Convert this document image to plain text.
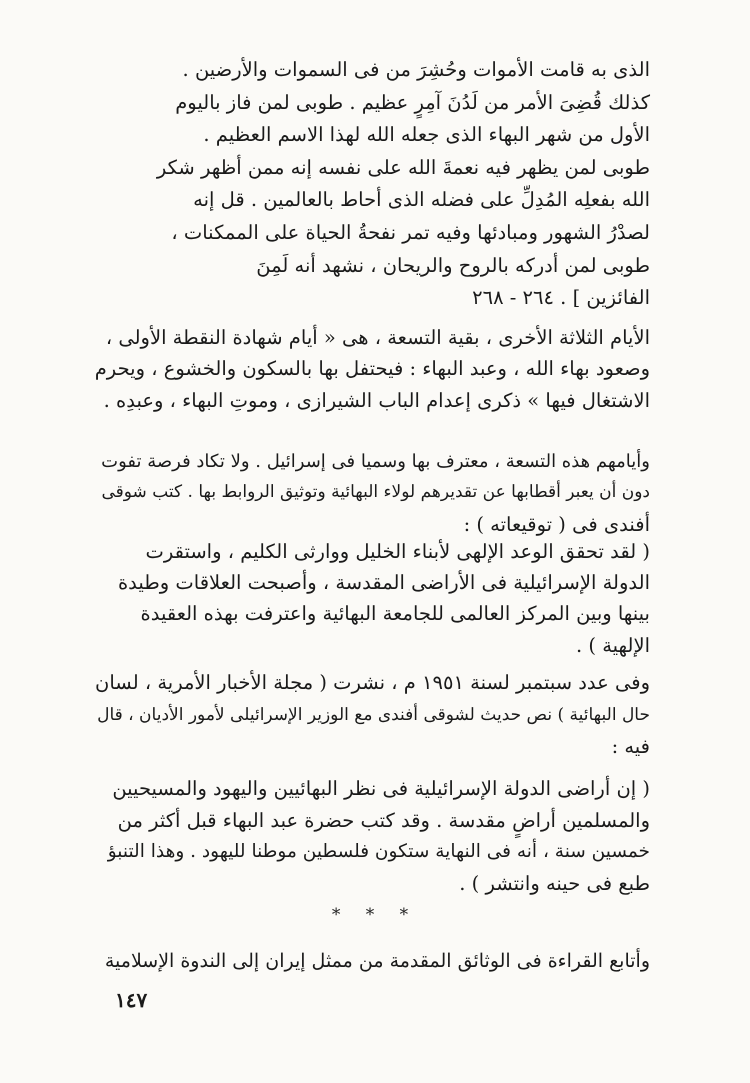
الذى به قامت الأموات وحُشِرَ من فى السموات والأرضين .
كذلك قُضِىَ الأمر من لَدُنَ آمِرٍ عظيم . طوبى لمن فاز باليوم
الأول من شهر البهاء الذى جعله الله لهذا الاسم العظيم .
طوبى لمن يظهر فيه نعمةَ الله على نفسه إنه ممن أظهر شكر
الله بفعلِه المُدِلِّ على فضله الذى أحاط بالعالمين . قل إنه
لصدْرُ الشهور ومبادئها وفيه تمر نفحةُ الحياة على الممكنات ،
طوبى لمن أدركه بالروح والريحان ، نشهد أنه لَمِنَ
الفائزين ] . ٢٦٤ - ٢٦٨
الأيام الثلاثة الأخرى ، بقية التسعة ، هى « أيام شهادة النقطة الأولى ،
وصعود بهاء الله ، وعبد البهاء : فيحتفل بها بالسكون والخشوع ، ويحرم
الاشتغال فيها » ذكرى إعدام الباب الشيرازى ، وموتِ البهاء ، وعبدِه .
وأيامهم هذه التسعة ، معترف بها وسميا فى إسرائيل . ولا تكاد فرصة تفوت
دون أن يعبر أقطابها عن تقديرهم لولاء البهائية وتوثيق الروابط بها . كتب شوقى
أفندى فى ( توقيعاته ) :
( لقد تحقق الوعد الإلهى لأبناء الخليل ووارثى الكليم ، واستقرت
الدولة الإسرائيلية فى الأراضى المقدسة ، وأصبحت العلاقات وطيدة
بينها وبين المركز العالمى للجامعة البهائية واعترفت بهذه العقيدة
الإلهية ) .
وفى عدد سبتمبر لسنة ١٩٥١ م ، نشرت ( مجلة الأخبار الأمرية ، لسان
حال البهائية ) نص حديث لشوقى أفندى مع الوزير الإسرائيلى لأمور الأديان ، قال
فيه :
( إن أراضى الدولة الإسرائيلية فى نظر البهائيين واليهود والمسيحيين
والمسلمين أراضٍ مقدسة . وقد كتب حضرة عبد البهاء قبل أكثر من
خمسين سنة ، أنه فى النهاية ستكون فلسطين موطنا لليهود . وهذا التنبؤ
طبع فى حينه وانتشر ) .
* * *
وأتابع القراءة فى الوثائق المقدمة من ممثل إيران إلى الندوة الإسلامية
١٤٧
